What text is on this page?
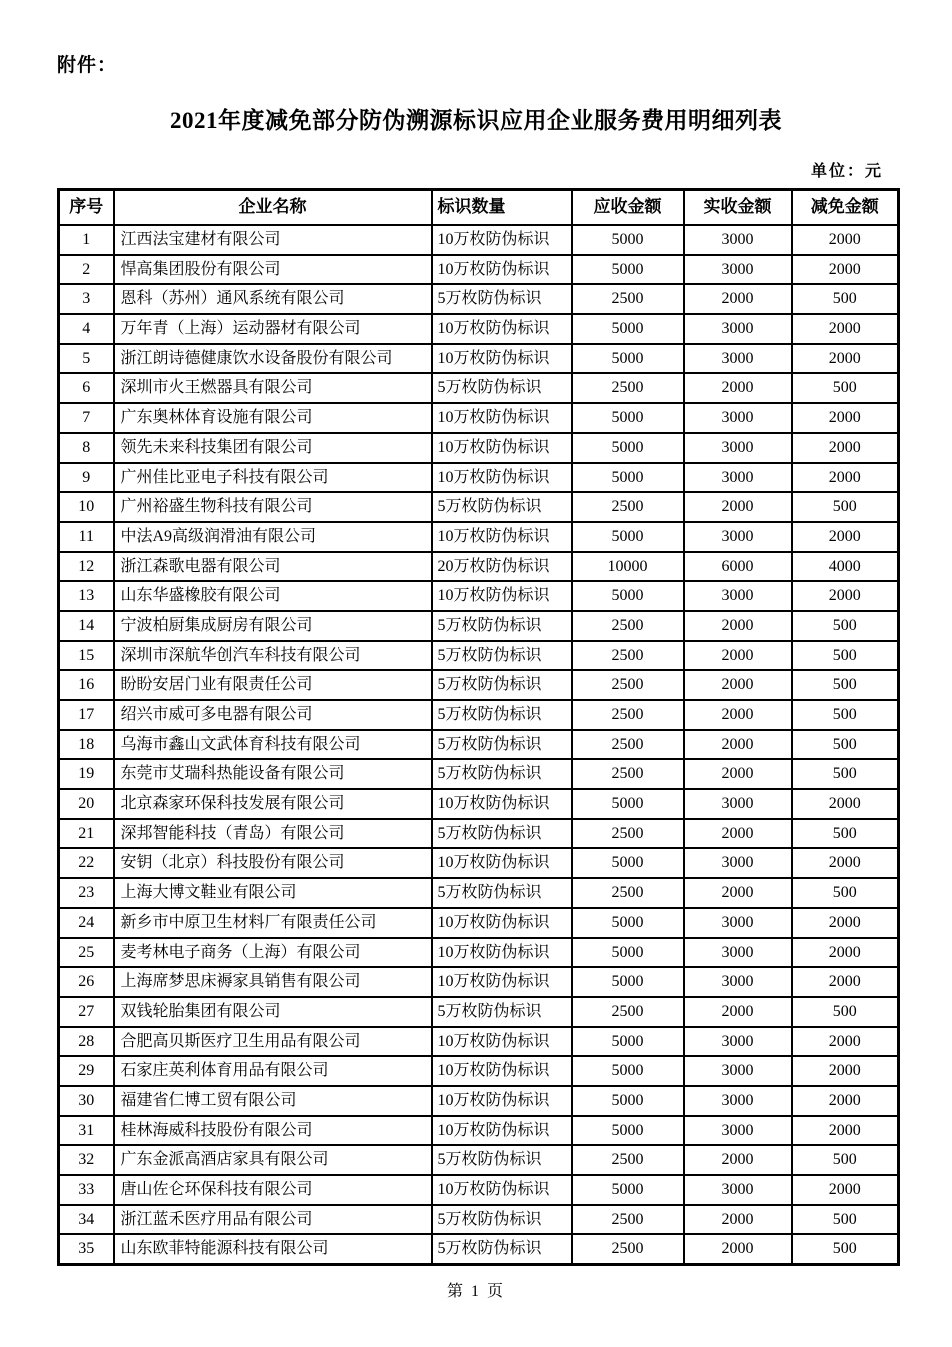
附件：
2021年度减免部分防伪溯源标识应用企业服务费用明细列表
单位：元
序号	企业名称	标识数量	应收金额	实收金额	减免金额
1	江西法宝建材有限公司	10万枚防伪标识	5000	3000	2000
2	悍高集团股份有限公司	10万枚防伪标识	5000	3000	2000
3	恩科（苏州）通风系统有限公司	5万枚防伪标识	2500	2000	500
4	万年青（上海）运动器材有限公司	10万枚防伪标识	5000	3000	2000
5	浙江朗诗德健康饮水设备股份有限公司	10万枚防伪标识	5000	3000	2000
6	深圳市火王燃器具有限公司	5万枚防伪标识	2500	2000	500
7	广东奥林体育设施有限公司	10万枚防伪标识	5000	3000	2000
8	领先未来科技集团有限公司	10万枚防伪标识	5000	3000	2000
9	广州佳比亚电子科技有限公司	10万枚防伪标识	5000	3000	2000
10	广州裕盛生物科技有限公司	5万枚防伪标识	2500	2000	500
11	中法A9高级润滑油有限公司	10万枚防伪标识	5000	3000	2000
12	浙江森歌电器有限公司	20万枚防伪标识	10000	6000	4000
13	山东华盛橡胶有限公司	10万枚防伪标识	5000	3000	2000
14	宁波柏厨集成厨房有限公司	5万枚防伪标识	2500	2000	500
15	深圳市深航华创汽车科技有限公司	5万枚防伪标识	2500	2000	500
16	盼盼安居门业有限责任公司	5万枚防伪标识	2500	2000	500
17	绍兴市威可多电器有限公司	5万枚防伪标识	2500	2000	500
18	乌海市鑫山文武体育科技有限公司	5万枚防伪标识	2500	2000	500
19	东莞市艾瑞科热能设备有限公司	5万枚防伪标识	2500	2000	500
20	北京森家环保科技发展有限公司	10万枚防伪标识	5000	3000	2000
21	深邦智能科技（青岛）有限公司	5万枚防伪标识	2500	2000	500
22	安钥（北京）科技股份有限公司	10万枚防伪标识	5000	3000	2000
23	上海大博文鞋业有限公司	5万枚防伪标识	2500	2000	500
24	新乡市中原卫生材料厂有限责任公司	10万枚防伪标识	5000	3000	2000
25	麦考林电子商务（上海）有限公司	10万枚防伪标识	5000	3000	2000
26	上海席梦思床褥家具销售有限公司	10万枚防伪标识	5000	3000	2000
27	双钱轮胎集团有限公司	5万枚防伪标识	2500	2000	500
28	合肥高贝斯医疗卫生用品有限公司	10万枚防伪标识	5000	3000	2000
29	石家庄英利体育用品有限公司	10万枚防伪标识	5000	3000	2000
30	福建省仁博工贸有限公司	10万枚防伪标识	5000	3000	2000
31	桂林海威科技股份有限公司	10万枚防伪标识	5000	3000	2000
32	广东金派高酒店家具有限公司	5万枚防伪标识	2500	2000	500
33	唐山佐仑环保科技有限公司	10万枚防伪标识	5000	3000	2000
34	浙江蓝禾医疗用品有限公司	5万枚防伪标识	2500	2000	500
35	山东欧菲特能源科技有限公司	5万枚防伪标识	2500	2000	500
第 1 页
